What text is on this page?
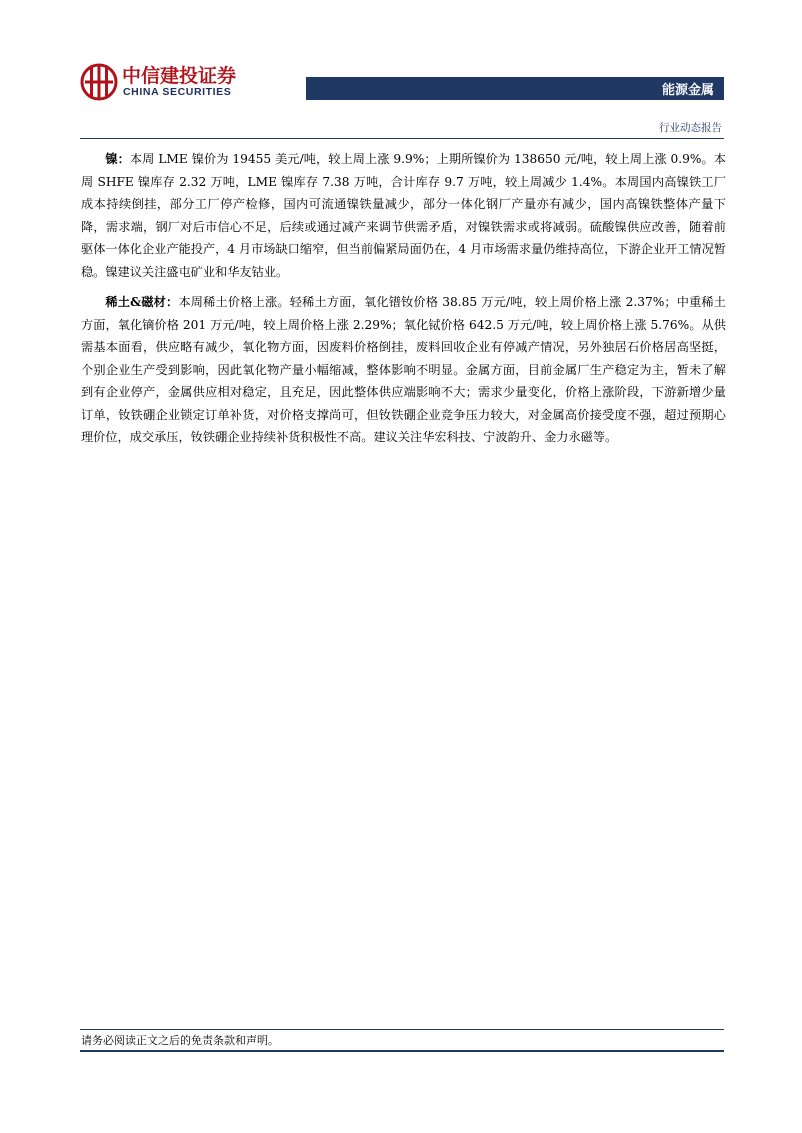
中信建投证券
CHINA SECURITIES	能源金属
行业动态报告

镍：本周 LME 镍价为 19455 美元/吨，较上周上涨 9.9%；上期所镍价为 138650 元/吨，较上周上涨 0.9%。本周 SHFE 镍库存 2.32 万吨，LME 镍库存 7.38 万吨，合计库存 9.7 万吨，较上周减少 1.4%。本周国内高镍铁工厂成本持续倒挂，部分工厂停产检修，国内可流通镍铁量减少，部分一体化钢厂产量亦有减少，国内高镍铁整体产量下降，需求端，钢厂对后市信心不足，后续或通过减产来调节供需矛盾，对镍铁需求或将减弱。硫酸镍供应改善，随着前驱体一体化企业产能投产，4 月市场缺口缩窄，但当前偏紧局面仍在，4 月市场需求量仍维持高位，下游企业开工情况暂稳。镍建议关注盛屯矿业和华友钴业。

稀土&磁材：本周稀土价格上涨。轻稀土方面，氧化镨钕价格 38.85 万元/吨，较上周价格上涨 2.37%；中重稀土方面，氧化镝价格 201 万元/吨，较上周价格上涨 2.29%；氧化铽价格 642.5 万元/吨，较上周价格上涨 5.76%。从供需基本面看，供应略有减少，氧化物方面，因废料价格倒挂，废料回收企业有停减产情况，另外独居石价格居高坚挺，个别企业生产受到影响，因此氧化物产量小幅缩减，整体影响不明显。金属方面，目前金属厂生产稳定为主，暂未了解到有企业停产，金属供应相对稳定，且充足，因此整体供应端影响不大；需求少量变化，价格上涨阶段，下游新增少量订单，钕铁硼企业锁定订单补货，对价格支撑尚可，但钕铁硼企业竞争压力较大，对金属高价接受度不强，超过预期心理价位，成交承压，钕铁硼企业持续补货积极性不高。建议关注华宏科技、宁波韵升、金力永磁等。

请务必阅读正文之后的免责条款和声明。
